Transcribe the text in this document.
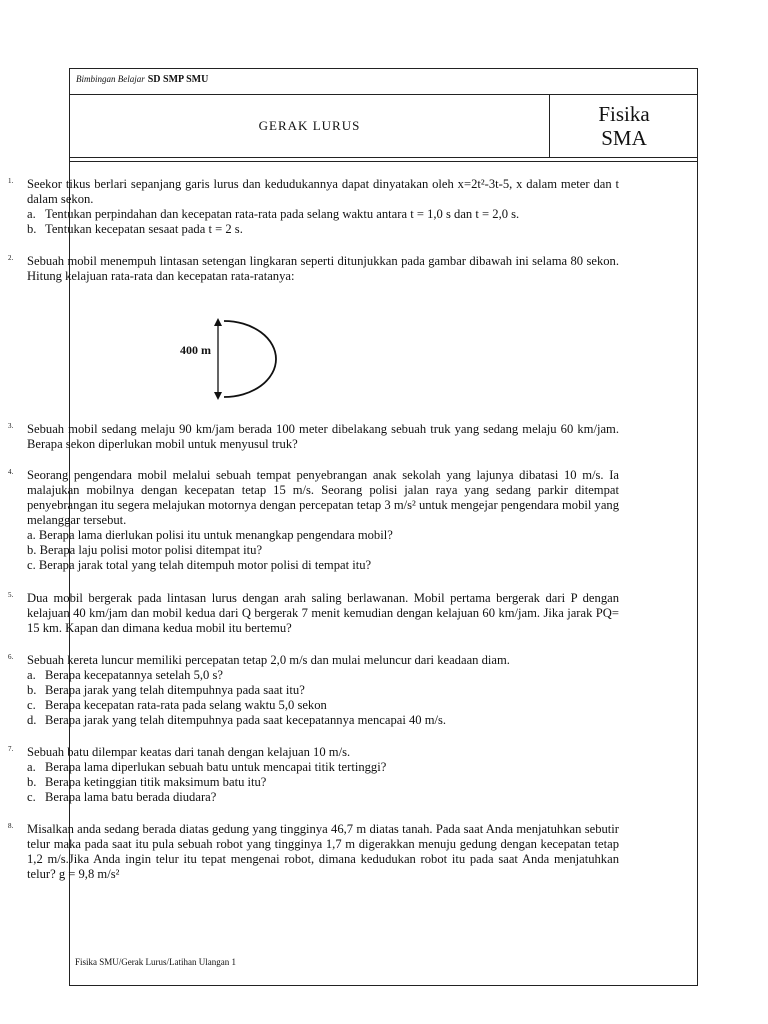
Bimbingan Belajar SD SMP SMU
GERAK LURUS	Fisika
SMA
1. Seekor tikus berlari sepanjang garis lurus dan kedudukannya dapat dinyatakan oleh x=2t²-3t-5, x dalam meter dan t dalam sekon.
a. Tentukan perpindahan dan kecepatan rata-rata pada selang waktu antara t = 1,0 s dan t = 2,0 s.
b. Tentukan kecepatan sesaat pada t = 2 s.
2. Sebuah mobil menempuh lintasan setengan lingkaran seperti ditunjukkan pada gambar dibawah ini selama 80 sekon. Hitung kelajuan rata-rata dan kecepatan rata-ratanya:
400 m
3. Sebuah mobil sedang melaju 90 km/jam berada 100 meter dibelakang sebuah truk yang sedang melaju 60 km/jam. Berapa sekon diperlukan mobil untuk menyusul truk?
4. Seorang pengendara mobil melalui sebuah tempat penyebrangan anak sekolah yang lajunya dibatasi 10 m/s. Ia malajukan mobilnya dengan kecepatan tetap 15 m/s. Seorang polisi jalan raya yang sedang parkir ditempat penyebrangan itu segera melajukan motornya dengan percepatan tetap 3 m/s² untuk mengejar pengendara mobil yang melanggar tersebut.
a. Berapa lama dierlukan polisi itu untuk menangkap pengendara mobil?
b. Berapa laju polisi motor polisi ditempat itu?
c. Berapa jarak total yang telah ditempuh motor polisi di tempat itu?
5. Dua mobil bergerak pada lintasan lurus dengan arah saling berlawanan. Mobil pertama bergerak dari P dengan kelajuan 40 km/jam dan mobil kedua dari Q bergerak 7 menit kemudian dengan kelajuan 60 km/jam. Jika jarak PQ= 15 km. Kapan dan dimana kedua mobil itu bertemu?
6. Sebuah kereta luncur memiliki percepatan tetap 2,0 m/s dan mulai meluncur dari keadaan diam.
a. Berapa kecepatannya setelah 5,0 s?
b. Berapa jarak yang telah ditempuhnya pada saat itu?
c. Berapa kecepatan rata-rata pada selang waktu 5,0 sekon
d. Berapa jarak yang telah ditempuhnya pada saat kecepatannya mencapai 40 m/s.
7. Sebuah batu dilempar keatas dari tanah dengan kelajuan 10 m/s.
a. Berapa lama diperlukan sebuah batu untuk mencapai titik tertinggi?
b. Berapa ketinggian titik maksimum batu itu?
c. Berapa lama batu berada diudara?
8. Misalkan anda sedang berada diatas gedung yang tingginya 46,7 m diatas tanah. Pada saat Anda menjatuhkan sebutir telur maka pada saat itu pula sebuah robot yang tingginya 1,7 m digerakkan menuju gedung dengan kecepatan tetap 1,2 m/s.Jika Anda ingin telur itu tepat mengenai robot, dimana kedudukan robot itu pada saat Anda menjatuhkan telur? g = 9,8 m/s²
Fisika SMU/Gerak Lurus/Latihan Ulangan 1
